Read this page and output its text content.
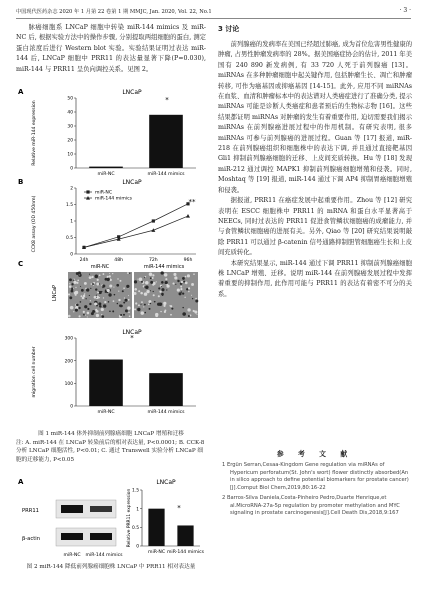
中国现代医药杂志 2020 年 1 月第 22 卷第 1 期 MMJC, Jan. 2020, Vol. 22, No.1	· 3 ·

脉癌细胞系 LNCaP 细胞中转染 miR-144 mimics 及 miR-NC 后, 根据实验方法中的操作步骤, 分别提取两组细胞的蛋白, 测定蛋白浓度后进行 Western blot 实验。实验结果证明过表达 miR-144 后, LNCaP 细胞中 PRR11 的表达量显著下降(P=0.030), miR-144 与 PRR11 呈负向调控关系。见图 2。

A	LNCaP
Relative miR-144 expression
0
10
20
30
40
50
miR-NC	miR-144 mimics
*
B	LNCaP
CCK8 assay (OD 450nm)
0
0.5
1
1.5
2
24h	48h	72h	96h
miR-NC
miR-144 mimics	**
C	miR-NC	miR-144 mimics
LNCaP
LNCaP
migration cell number
0
100
200
300
miR-NC	miR-144 mimics
*
图 1 miR-144 体外抑制前列腺癌细胞 LNCaP 增殖和迁移
注: A. miR-144 在 LNCaP 转染前后的相对表达量, P<0.0001; B. CCK-8 分析 LNCaP 细胞活性, P<0.01; C. 通过 Transwell 实验分析 LNCaP 细胞的迁移能力, P<0.05
A
PRR11
β-actin
miR-NC miR-144 mimics
LNCaP
Relative PRR11 expression 0
0.5
1
1.5
miR-NC miR-144 mimics
*
图 2 miR-144 降低前列腺癌细胞株 LNCaP 中 PRR11 相对表达量
3 讨论

前列腺癌的发病率在美国已经超过肺癌, 成为首位危害男性健康的肿瘤, 占男性肿瘤发病率的 28%。据美国癌症协会的估计, 2011 年美国有 240 890 新发病例, 有 33 720 人死于前列腺癌 [13]。miRNAs 在多种肿瘤细胞中起关键作用, 包括肿瘤生长、凋亡和肿瘤转移, 可作为癌基因或抑癌基因 [14-15]。此外, 应用不同 miRNAs 在血浆、血清和肿瘤标本中的表达谱对人类癌症进行了准确分类, 提示 miRNAs 可能是诊断人类癌症和患者预后的生物标志物 [16]。这些结果都证明 miRNAs 对肿瘤的发生有着重要作用, 迫切需要我们揭示 miRNAs 在前列腺癌进展过程中的作用机制。有研究表明, 很多 miRNAs 可参与前列腺癌的进展过程。Guan 等 [17] 报道, miR-218 在前列腺癌组织和细胞株中的表达下调, 并且通过直接靶基因 Gli1 抑制前列腺癌细胞的迁移、上皮间充质转换。Hu 等 [18] 发现 miR-212 通过调控 MAPK1 抑制前列腺癌细胞增殖和侵袭。同时, Moshtaq 等 [19] 报道, miR-144 通过下调 AP4 抑制胃癌细胞增殖和侵袭。

据报道, PRR11 在癌症发展中起重要作用。Zhou 等 [12] 研究表明在 ESCC 细胞株中 PRR11 的 mRNA 和蛋白水平显著高于 NEECs, 同时过表达的 PRR11 促进食管鳞状细胞癌的成瘤能力, 并与食管鳞状细胞癌的进展有关。另外, Qiao 等 [20] 研究结果说明敲除 PRR11 可以通过 β-catenin 信号通路抑制胆管细胞癌生长和上皮间充质转化。

本研究结果显示, miR-144 通过下调 PRR11 抑制前列腺癌细胞株 LNCaP 增殖、迁移。说明 miR-144 在前列腺癌发展过程中发挥着重要的抑制作用, 此作用可能与 PRR11 的表达有着密不可分的关系。

参 考 文 献

1 Ergün Serran,Cesaa-Kingdom Gene regulation via miRNAs of Hypericum perforatum(St. John's wort) flower distinctly absorbed(An in silico approach to define potential biomarkers for prostate cancer)[J].Comput Biol Chem,2019,80:16-22

2 Barros-Silva Daniela,Costa-Pinheiro Pedro,Duarte Henrique,et al.MicroRNA-27a-5p regulation by promoter methylation and MYC signaling in prostate carcinogenesis[J].Cell Death Dis,2018,9:167
